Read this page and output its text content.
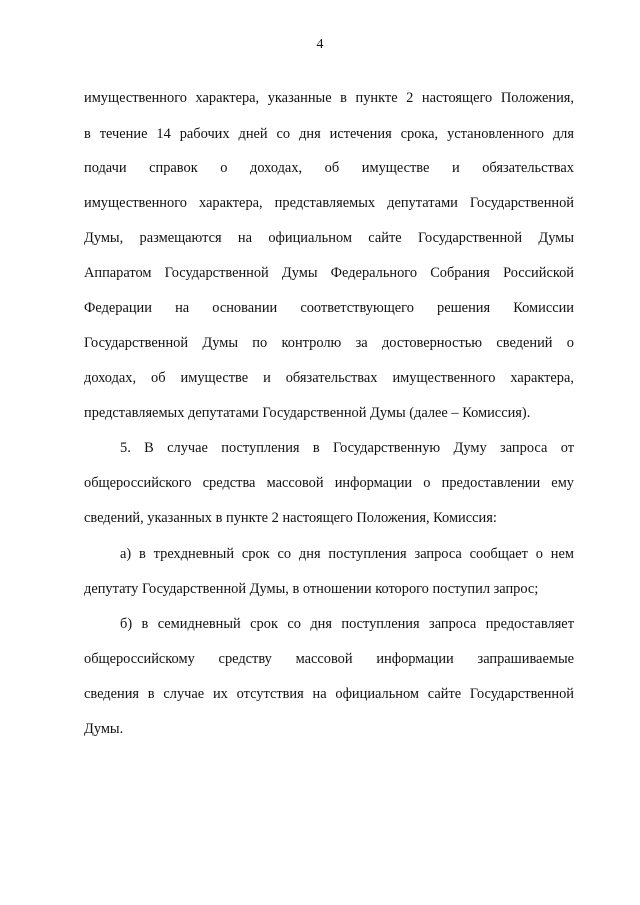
4
имущественного характера, указанные в пункте 2 настоящего Положения,
в течение 14 рабочих дней со дня истечения срока, установленного для
подачи справок о доходах, об имуществе и обязательствах
имущественного характера, представляемых депутатами Государственной
Думы, размещаются на официальном сайте Государственной Думы
Аппаратом Государственной Думы Федерального Собрания Российской
Федерации на основании соответствующего решения Комиссии
Государственной Думы по контролю за достоверностью сведений о
доходах, об имуществе и обязательствах имущественного характера,
представляемых депутатами Государственной Думы (далее – Комиссия).
5. В случае поступления в Государственную Думу запроса от
общероссийского средства массовой информации о предоставлении ему
сведений, указанных в пункте 2 настоящего Положения, Комиссия:
а) в трехдневный срок со дня поступления запроса сообщает о нем
депутату Государственной Думы, в отношении которого поступил запрос;
б) в семидневный срок со дня поступления запроса предоставляет
общероссийскому средству массовой информации запрашиваемые
сведения в случае их отсутствия на официальном сайте Государственной
Думы.
